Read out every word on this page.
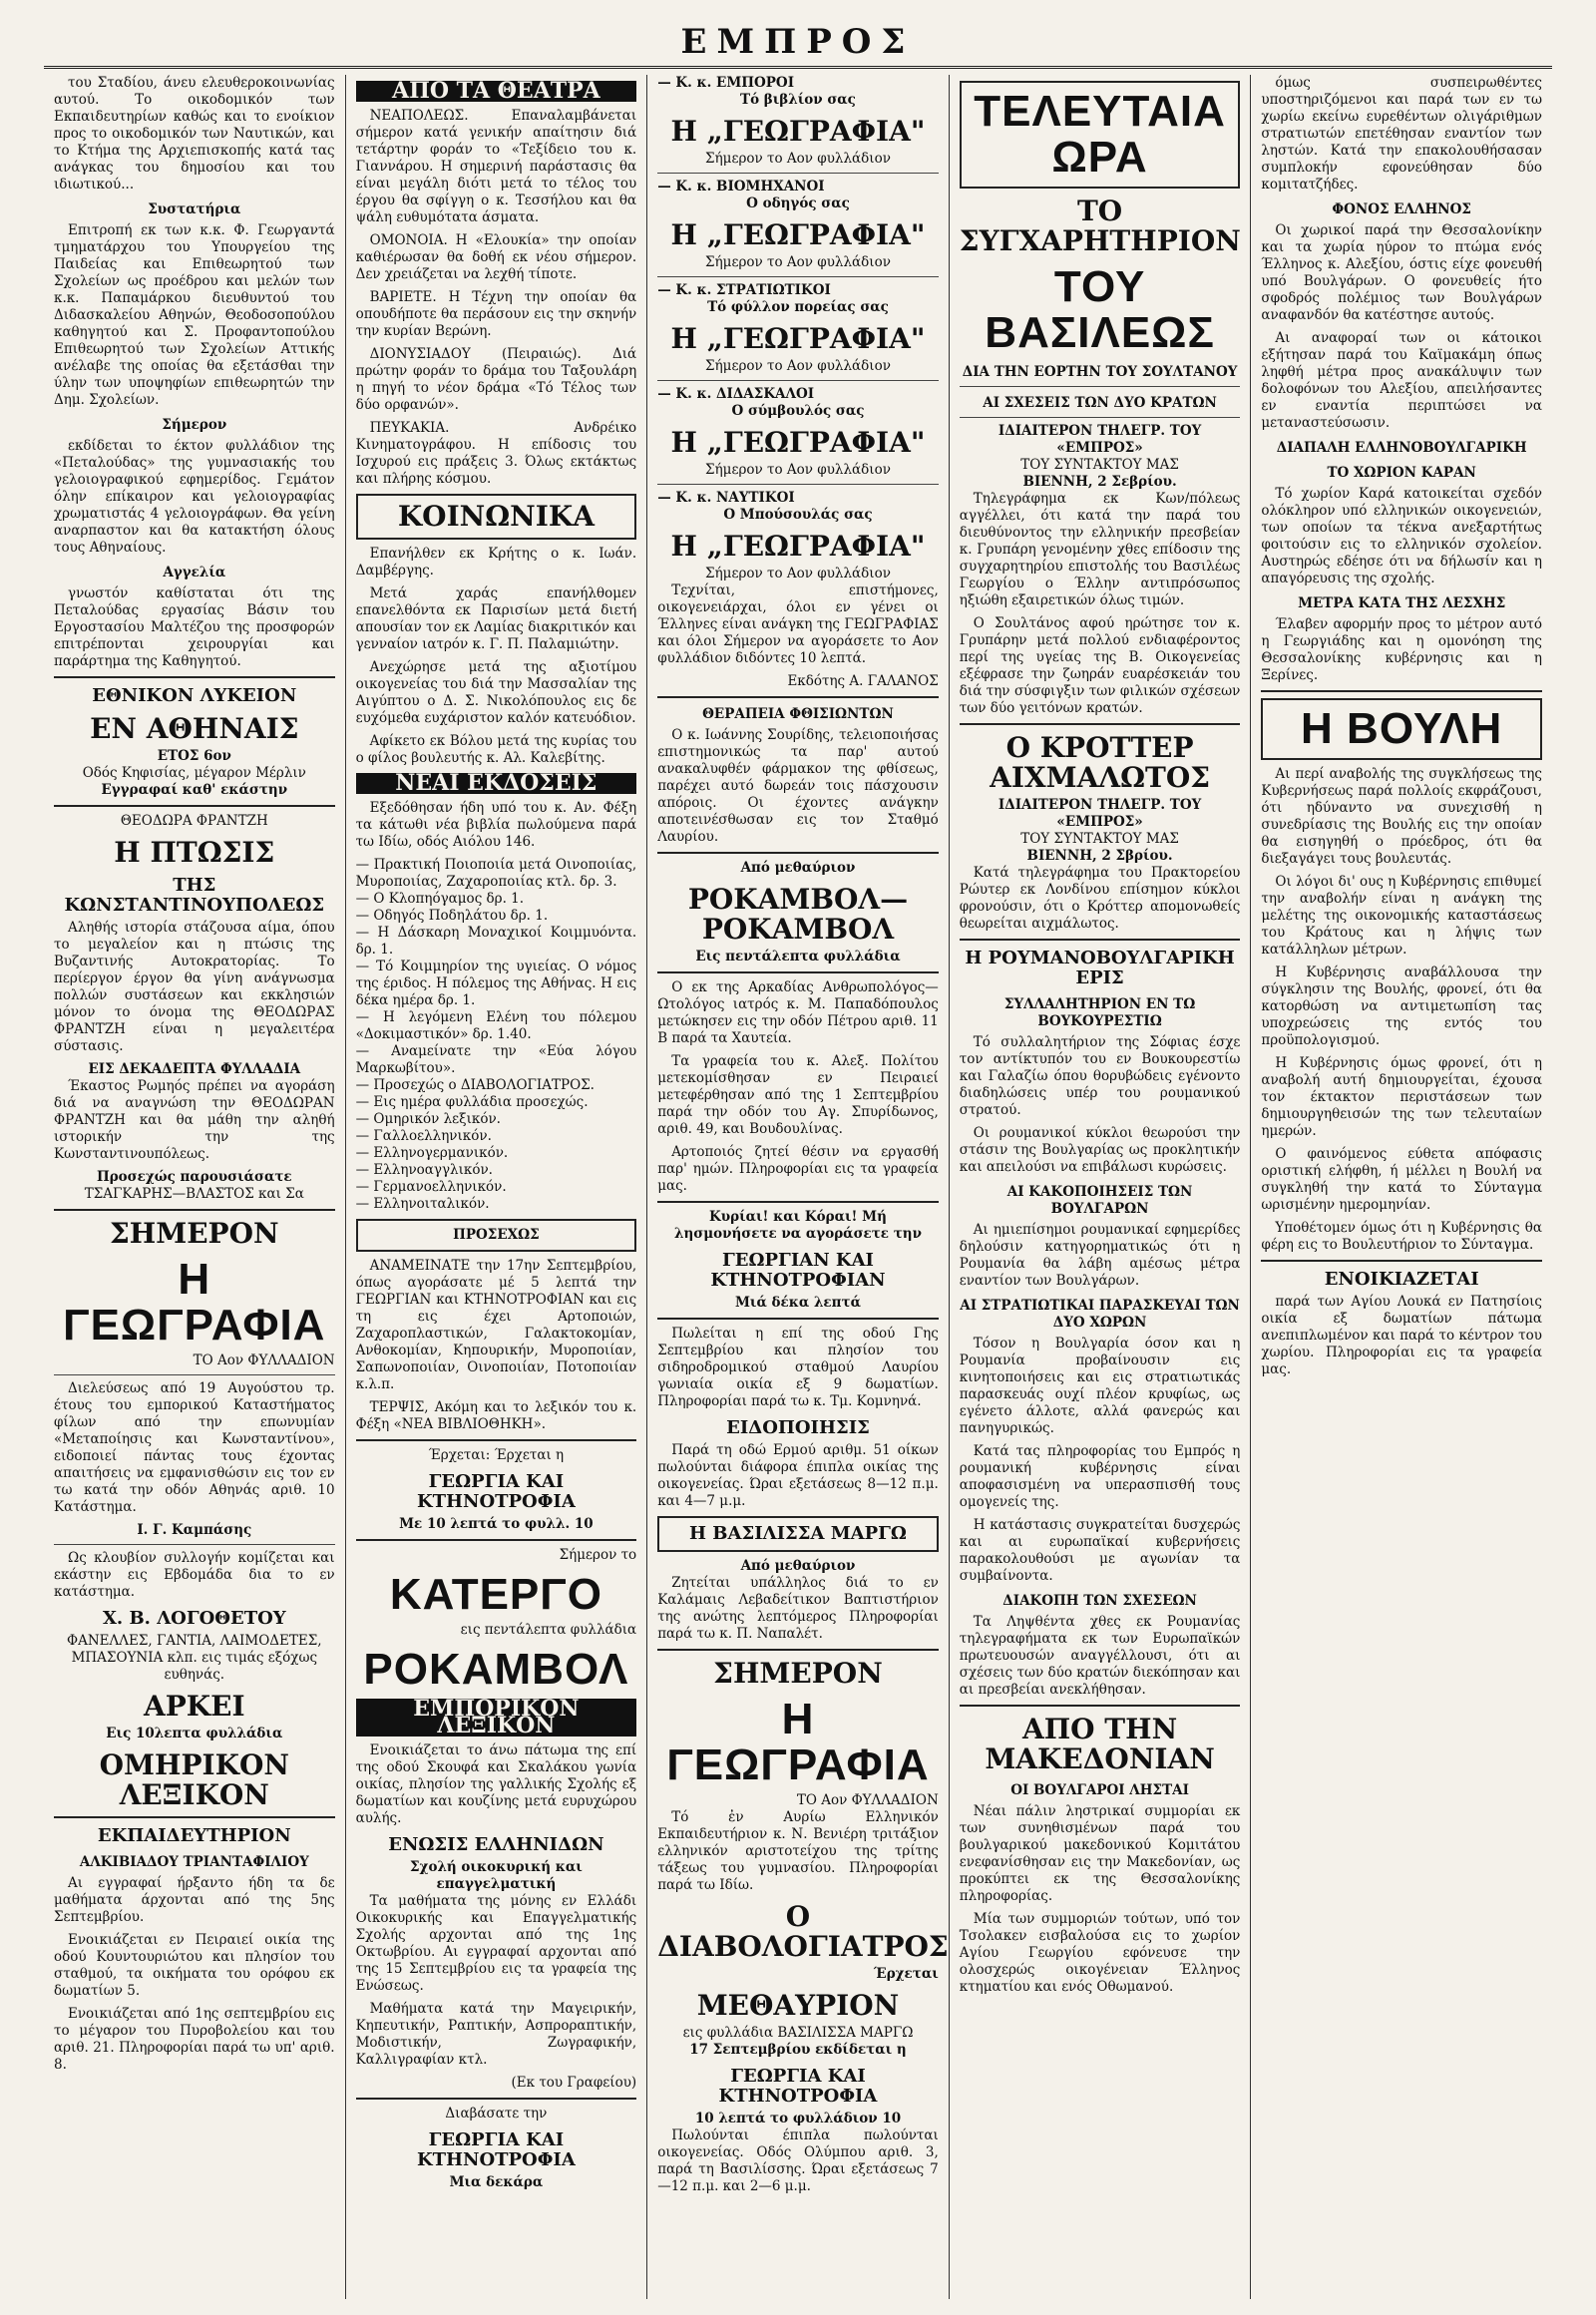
ΕΜΠΡΟΣ

του Σταδίου, άνευ ελευθεροκοινωνίας αυτού. Το οικοδομικόν των Εκπαιδευτηρίων καθώς και το ενοίκιον προς το οικοδομικόν των Ναυτικών, και το Κτήμα της Αρχιεπισκοπής κατά τας ανάγκας του δημοσίου και του ιδιωτικού...

Συστατήρια

Επιτροπή εκ των κ.κ. Φ. Γεωργαντά τμηματάρχου του Υπουργείου της Παιδείας και Επιθεωρητού των Σχολείων ως προέδρου και μελών των κ.κ. Παπαμάρκου διευθυντού του Διδασκαλείου Αθηνών, Θεοδοσοπούλου καθηγητού και Σ. Προφαντοπούλου Επιθεωρητού των Σχολείων Αττικής ανέλαβε της οποίας θα εξετάσθαι την ύλην των υποψηφίων επιθεωρητών την Δημ. Σχολείων.

Σήμερον

εκδίδεται το έκτον φυλλάδιον της «Πεταλούδας» της γυμνασιακής του γελοιογραφικού εφημερίδος. Γεμάτον όλην επίκαιρον και γελοιογραφίας χρωματιστάς 4 γελοιογράφων. Θα γείνη αναρπαστον και θα κατακτήση όλους τους Αθηναίους.

Αγγελία

γνωστόν καθίσταται ότι της Πεταλούδας εργασίας Βάσιν του Εργοστασίου Μαλτέζου της προσφορών επιτρέπονται χειρουργίαι και παράρτημα της Καθηγητού.

ΕΘΝΙΚΟΝ ΛΥΚΕΙΟΝ
ΕΝ ΑΘΗΝΑΙΣ
ΕΤΟΣ 6ον
Οδός Κηφισίας, μέγαρον Μέρλιν
Εγγραφαί καθ' εκάστην
ΘΕΟΔΩΡΑ ΦΡΑΝΤΖΗ
Η ΠΤΩΣΙΣ
ΤΗΣ ΚΩΝΣΤΑΝΤΙΝΟΥΠΟΛΕΩΣ

Αληθής ιστορία στάζουσα αίμα, όπου το μεγαλείον και η πτώσις της Βυζαντινής Αυτοκρατορίας. Το περίεργον έργον θα γίνη ανάγνωσμα πολλών συστάσεων και εκκλησιών μόνον το όνομα της ΘΕΟΔΩΡΑΣ ΦΡΑΝΤΖΗ είναι η μεγαλειτέρα σύστασις.

ΕΙΣ ΔΕΚΑΔΕΠΤΑ ΦΥΛΛΑΔΙΑ

Έκαστος Ρωμηός πρέπει να αγοράση διά να αναγνώση την ΘΕΟΔΩΡΑΝ ΦΡΑΝΤΖΗ και θα μάθη την αληθή ιστορικήν την της Κωνσταντινουπόλεως.

Προσεχώς παρουσιάσατε
ΤΣΑΓΚΑΡΗΣ—ΒΛΑΣΤΟΣ και Σα
ΣΗΜΕΡΟΝ
Η ΓΕΩΓΡΑΦΙΑ
ΤΟ Αον ΦΥΛΛΑΔΙΟΝ

Διελεύσεως από 19 Αυγούστου τρ. έτους του εμπορικού Καταστήματος φίλων από την επωνυμίαν «Μεταποίησις και Κωνσταντίνου», ειδοποιεί πάντας τους έχοντας απαιτήσεις να εμφανισθώσιν εις τον εν τω κατά την οδόν Αθηνάς αριθ. 10 Κατάστημα.

Ι. Γ. Καμπάσης

Ως κλουβίον συλλογήν κομίζεται και εκάστην εις Εβδομάδα δια το εν κατάστημα.

Χ. Β. ΛΟΓΟΘΕΤΟΥ

ΦΑΝΕΛΛΕΣ, ΓΑΝΤΙΑ, ΛΑΙΜΟΔΕΤΕΣ, ΜΠΑΣΟΥΝΙΑ κλπ. εις τιμάς εξόχως ευθηνάς.

ΑΡΚΕΙ
Εις 10λεπτα φυλλάδια
ΟΜΗΡΙΚΟΝ ΛΕΞΙΚΟΝ
ΕΚΠΑΙΔΕΥΤΗΡΙΟΝ
ΑΛΚΙΒΙΑΔΟΥ ΤΡΙΑΝΤΑΦΙΛΙΟΥ

Αι εγγραφαί ήρξαντο ήδη τα δε μαθήματα άρχονται από της 5ης Σεπτεμβρίου.

Ενοικιάζεται εν Πειραιεί οικία της οδού Κουντουριώτου και πλησίον του σταθμού, τα οικήματα του ορόφου εκ δωματίων 5.

Ενοικιάζεται από 1ης σεπτεμβρίου εις το μέγαρον του Πυροβολείου και του αριθ. 21. Πληροφορίαι παρά τω υπ' αριθ. 8.

ΑΠΟ ΤΑ ΘΕΑΤΡΑ

ΝΕΑΠΟΛΕΩΣ. Επαναλαμβάνεται σήμερον κατά γενικήν απαίτησιν διά τετάρτην φοράν το «Τεξίδειο του κ. Γιαννάρου. Η σημερινή παράστασις θα είναι μεγάλη διότι μετά το τέλος του έργου θα σφίγγη ο κ. Τεσσήλου και θα ψάλη ευθυμότατα άσματα.

ΟΜΟΝΟΙΑ. Η «Ελουκία» την οποίαν καθιέρωσαν θα δοθή εκ νέου σήμερον. Δεν χρειάζεται να λεχθή τίποτε.

ΒΑΡΙΕΤΕ. Η Τέχνη την οποίαν θα οπουδήποτε θα περάσουν εις την σκηνήν την κυρίαν Βερώνη.

ΔΙΟΝΥΣΙΑΔΟΥ (Πειραιώς). Διά πρώτην φοράν το δράμα του Ταξουλάρη η πηγή το νέον δράμα «Τό Τέλος των δύο ορφανών».

ΠΕΥΚΑΚΙΑ. Ανδρέικο Κινηματογράφου. Η επίδοσις του Ισχυρού εις πράξεις 3. Όλως εκτάκτως και πλήρης κόσμου.

ΚΟΙΝΩΝΙΚΑ

Επανήλθεν εκ Κρήτης ο κ. Ιωάν. Δαμβέργης.

Μετά χαράς επανήλθομεν επανελθόντα εκ Παρισίων μετά διετή απουσίαν τον εκ Λαμίας διακριτικόν και γενναίον ιατρόν κ. Γ. Π. Παλαμιώτην.

Ανεχώρησε μετά της αξιοτίμου οικογενείας του διά την Μασσαλίαν της Αιγύπτου ο Δ. Σ. Νικολόπουλος εις δε ευχόμεθα ευχάριστον καλόν κατευόδιον.

Αφίκετο εκ Βόλου μετά της κυρίας του ο φίλος βουλευτής κ. Αλ. Καλεβίτης.

ΝΕΑΙ ΕΚΔΟΣΕΙΣ

Εξεδόθησαν ήδη υπό του κ. Αν. Φέξη τα κάτωθι νέα βιβλία πωλούμενα παρά τω Ιδίω, οδός Αιόλου 146.

— Πρακτική Ποιοποιία μετά Οινοποιίας, Μυροποιίας, Ζαχαροποιίας κτλ. δρ. 3.
— Ο Κλοπηόγαμος δρ. 1.
— Οδηγός Ποδηλάτου δρ. 1.
— Η Δάσκαρη Μοναχικοί Κοιμμυόντα. δρ. 1.
— Τό Κοιμμηρίον της υγιείας. Ο νόμος της έριδος. Η πόλεμος της Αθήνας. Η εις δέκα ημέρα δρ. 1.
— Η λεγόμενη Ελένη του πόλεμου «Δοκιμαστικόν» δρ. 1.40.
— Αναμείνατε την «Εύα λόγου Μαρκωβίτου».
— Προσεχώς ο ΔΙΑΒΟΛΟΓΙΑΤΡΟΣ.
— Εις ημέρα φυλλάδια προσεχώς.
— Ομηρικόν λεξικόν.
— Γαλλοελληνικόν.
— Ελληνογερμανικόν.
— Ελληνοαγγλικόν.
— Γερμανοελληνικόν.
— Ελληνοιταλικόν.
ΠΡΟΣΕΧΩΣ

ΑΝΑΜΕΙΝΑΤΕ την 17ην Σεπτεμβρίου, όπως αγοράσατε μέ 5 λεπτά την ΓΕΩΡΓΙΑΝ και ΚΤΗΝΟΤΡΟΦΙΑΝ και εις τη εις έχει Αρτοποιών, Ζαχαροπλαστικών, Γαλακτοκομίαν, Ανθοκομίαν, Κηπουρικήν, Μυροποιίαν, Σαπωνοποιίαν, Οινοποιίαν, Ποτοποιίαν κ.λ.π.

ΤΕΡΨΙΣ, Ακόμη και το λεξικόν του κ. Φέξη «ΝΕΑ ΒΙΒΛΙΟΘΗΚΗ».

Έρχεται: Έρχεται η
ΓΕΩΡΓΙΑ ΚΑΙ ΚΤΗΝΟΤΡΟΦΙΑ
Με 10 λεπτά το φυλλ. 10
Σήμερον το
ΚΑΤΕΡΓΟ
εις πεντάλεπτα φυλλάδια
ΡΟΚΑΜΒΟΛ
ΕΜΠΟΡΙΚΟΝ ΛΕΞΙΚΟΝ

Ενοικιάζεται το άνω πάτωμα της επί της οδού Σκουφά και Σκαλάκου γωνία οικίας, πλησίον της γαλλικής Σχολής εξ δωματίων και κουζίνης μετά ευρυχώρου αυλής.

ΕΝΩΣΙΣ ΕΛΛΗΝΙΔΩΝ
Σχολή οικοκυρική και επαγγελματική

Τα μαθήματα της μόνης εν Ελλάδι Οικοκυρικής και Επαγγελματικής Σχολής αρχονται από της 1ης Οκτωβρίου. Αι εγγραφαί αρχονται από της 15 Σεπτεμβρίου εις τα γραφεία της Ενώσεως.

Μαθήματα κατά την Μαγειρικήν, Κηπευτικήν, Ραπτικήν, Ασπροραπτικήν, Μοδιστικήν, Ζωγραφικήν, Καλλιγραφίαν κτλ.

(Εκ του Γραφείου)
Διαβάσατε την
ΓΕΩΡΓΙΑ ΚΑΙ ΚΤΗΝΟΤΡΟΦΙΑ
Μια δεκάρα
— Κ. κ. ΕΜΠΟΡΟΙ
Τό βιβλίον σας
Η „ΓΕΩΓΡΑΦΙΑ"
Σήμερον το Αον φυλλάδιον
— Κ. κ. ΒΙΟΜΗΧΑΝΟΙ
Ο οδηγός σας
Η „ΓΕΩΓΡΑΦΙΑ"
Σήμερον το Αον φυλλάδιον
— Κ. κ. ΣΤΡΑΤΙΩΤΙΚΟΙ
Τό φύλλον πορείας σας
Η „ΓΕΩΓΡΑΦΙΑ"
Σήμερον το Αον φυλλάδιον
— Κ. κ. ΔΙΔΑΣΚΑΛΟΙ
Ο σύμβουλός σας
Η „ΓΕΩΓΡΑΦΙΑ"
Σήμερον το Αον φυλλάδιον
— Κ. κ. ΝΑΥΤΙΚΟΙ
Ο Μπούσουλάς σας
Η „ΓΕΩΓΡΑΦΙΑ"
Σήμερον το Αον φυλλάδιον

Τεχνίται, επιστήμονες, οικογενειάρχαι, όλοι εν γένει οι Έλληνες είναι ανάγκη της ΓΕΩΓΡΑΦΙΑΣ και όλοι Σήμερον να αγοράσετε το Αον φυλλάδιον διδόντες 10 λεπτά.

Εκδότης Α. ΓΑΛΑΝΟΣ
ΘΕΡΑΠΕΙΑ ΦΘΙΣΙΩΝΤΩΝ

Ο κ. Ιωάννης Σουρίδης, τελειοποιήσας επιστημονικώς τα παρ' αυτού ανακαλυφθέν φάρμακον της φθίσεως, παρέχει αυτό δωρεάν τοις πάσχουσιν απόροις. Οι έχοντες ανάγκην αποτεινέσθωσαν εις τον Σταθμό Λαυρίου.

Από μεθαύριον
ΡΟΚΑΜΒΟΛ—ΡΟΚΑΜΒΟΛ
Εις πεντάλεπτα φυλλάδια

Ο εκ της Αρκαδίας Ανθρωπολόγος—Ωτολόγος ιατρός κ. Μ. Παπαδόπουλος μετώκησεν εις την οδόν Πέτρου αριθ. 11 Β παρά τα Χαυτεία.

Τα γραφεία του κ. Αλεξ. Πολίτου μετεκομίσθησαν εν Πειραιεί μετεφέρθησαν από της 1 Σεπτεμβρίου παρά την οδόν του Αγ. Σπυρίδωνος, αριθ. 49, και Βουδουλίνας.

Αρτοποιός ζητεί θέσιν να εργασθή παρ' ημών. Πληροφορίαι εις τα γραφεία μας.

Κυρίαι! και Κόραι! Μή λησμονήσετε να αγοράσετε την
ΓΕΩΡΓΙΑΝ ΚΑΙ ΚΤΗΝΟΤΡΟΦΙΑΝ
Μιά δέκα λεπτά

Πωλείται η επί της οδού Γης Σεπτεμβρίου και πλησίον του σιδηροδρομικού σταθμού Λαυρίου γωνιαία οικία εξ 9 δωματίων. Πληροφορίαι παρά τω κ. Τμ. Κομνηνά.

ΕΙΔΟΠΟΙΗΣΙΣ

Παρά τη οδώ Ερμού αριθμ. 51 οίκων πωλούνται διάφορα έπιπλα οικίας της οικογενείας. Ώραι εξετάσεως 8—12 π.μ. και 4—7 μ.μ.

Η ΒΑΣΙΛΙΣΣΑ ΜΑΡΓΩ
Από μεθαύριον

Ζητείται υπάλληλος διά το εν Καλάμαις Λεβαδείτικον Βαπτιστήριον της ανώτης λεπτόμερος Πληροφορίαι παρά τω κ. Π. Ναπαλέτ.

ΣΗΜΕΡΟΝ
Η ΓΕΩΓΡΑΦΙΑ
ΤΟ Αον ΦΥΛΛΑΔΙΟΝ

Τό ἐν Αυρίω Ελληνικόν Εκπαιδευτήριον κ. Ν. Βενιέρη τριτάξιον ελληνικόν αριστοτείχου της τρίτης τάξεως του γυμνασίου. Πληροφορίαι παρά τω Ιδίω.

Ο ΔΙΑΒΟΛΟΓΙΑΤΡΟΣ
Έρχεται
ΜΕΘΑΥΡΙΟΝ
εις φυλλάδια ΒΑΣΙΛΙΣΣΑ ΜΑΡΓΩ
17 Σεπτεμβρίου εκδίδεται η
ΓΕΩΡΓΙΑ ΚΑΙ ΚΤΗΝΟΤΡΟΦΙΑ
10 λεπτά το φυλλάδιον 10

Πωλούνται έπιπλα πωλούνται οικογενείας. Οδός Ολύμπου αριθ. 3, παρά τη Βασιλίσσης. Ώραι εξετάσεως 7—12 π.μ. και 2—6 μ.μ.

ΤΕΛΕΥΤΑΙΑ ΩΡΑ
ΤΟ ΣΥΓΧΑΡΗΤΗΡΙΟΝ
ΤΟΥ ΒΑΣΙΛΕΩΣ
ΔΙΑ ΤΗΝ ΕΟΡΤΗΝ ΤΟΥ ΣΟΥΛΤΑΝΟΥ
ΑΙ ΣΧΕΣΕΙΣ ΤΩΝ ΔΥΟ ΚΡΑΤΩΝ
ΙΔΙΑΙΤΕΡΟΝ ΤΗΛΕΓΡ. ΤΟΥ «ΕΜΠΡΟΣ»
ΤΟΥ ΣΥΝΤΑΚΤΟΥ ΜΑΣ
ΒΙΕΝΝΗ, 2 Σεβρίου.

Τηλεγράφημα εκ Κων/πόλεως αγγέλλει, ότι κατά την παρά του διευθύνοντος την ελληνικήν πρεσβείαν κ. Γρυπάρη γενομένην χθες επίδοσιν της συγχαρητηρίου επιστολής του Βασιλέως Γεωργίου ο Έλλην αντιπρόσωπος ηξιώθη εξαιρετικών όλως τιμών.

Ο Σουλτάνος αφού ηρώτησε τον κ. Γρυπάρην μετά πολλού ενδιαφέροντος περί της υγείας της Β. Οικογενείας εξέφρασε την ζωηράν ευαρέσκειάν του διά την σύσφιγξιν των φιλικών σχέσεων των δύο γειτόνων κρατών.

Ο ΚΡΟΤΤΕΡ ΑΙΧΜΑΛΩΤΟΣ
ΙΔΙΑΙΤΕΡΟΝ ΤΗΛΕΓΡ. ΤΟΥ «ΕΜΠΡΟΣ»
ΤΟΥ ΣΥΝΤΑΚΤΟΥ ΜΑΣ
ΒΙΕΝΝΗ, 2 Σβρίου.

Κατά τηλεγράφημα του Πρακτορείου Ρώυτερ εκ Λονδίνου επίσημον κύκλοι φρονούσιν, ότι ο Κρόττερ απομονωθείς θεωρείται αιχμάλωτος.

Η ΡΟΥΜΑΝΟΒΟΥΛΓΑΡΙΚΗ ΕΡΙΣ
ΣΥΛΛΑΛΗΤΗΡΙΟΝ ΕΝ ΤΩ ΒΟΥΚΟΥΡΕΣΤΙΩ

Τό συλλαλητήριον της Σόφιας έσχε τον αντίκτυπόν του εν Βουκουρεστίω και Γαλαζίω όπου θορυβώδεις εγένοντο διαδηλώσεις υπέρ του ρουμανικού στρατού.

Οι ρουμανικοί κύκλοι θεωρούσι την στάσιν της Βουλγαρίας ως προκλητικήν και απειλούσι να επιβάλωσι κυρώσεις.

ΑΙ ΚΑΚΟΠΟΙΗΣΕΙΣ ΤΩΝ ΒΟΥΛΓΑΡΩΝ

Αι ημιεπίσημοι ρουμανικαί εφημερίδες δηλούσιν κατηγορηματικώς ότι η Ρουμανία θα λάβη αμέσως μέτρα εναντίον των Βουλγάρων.

ΑΙ ΣΤΡΑΤΙΩΤΙΚΑΙ ΠΑΡΑΣΚΕΥΑΙ ΤΩΝ ΔΥΟ ΧΩΡΩΝ

Τόσον η Βουλγαρία όσον και η Ρουμανία προβαίνουσιν εις κινητοποιήσεις και εις στρατιωτικάς παρασκευάς ουχί πλέον κρυφίως, ως εγένετο άλλοτε, αλλά φανερώς και πανηγυρικώς.

Κατά τας πληροφορίας του Εμπρός η ρουμανική κυβέρνησις είναι αποφασισμένη να υπερασπισθή τους ομογενείς της.

Η κατάστασις συγκρατείται δυσχερώς και αι ευρωπαϊκαί κυβερνήσεις παρακολουθούσι με αγωνίαν τα συμβαίνοντα.

ΔΙΑΚΟΠΗ ΤΩΝ ΣΧΕΣΕΩΝ

Τα Ληψθέντα χθες εκ Ρουμανίας τηλεγραφήματα εκ των Ευρωπαϊκών πρωτευουσών αναγγέλλουσι, ότι αι σχέσεις των δύο κρατών διεκόπησαν και αι πρεσβείαι ανεκλήθησαν.

ΑΠΟ ΤΗΝ ΜΑΚΕΔΟΝΙΑΝ
ΟΙ ΒΟΥΛΓΑΡΟΙ ΛΗΣΤΑΙ

Νέαι πάλιν ληστρικαί συμμορίαι εκ των συνηθισμένων παρά του βουλγαρικού μακεδονικού Κομιτάτου ενεφανίσθησαν εις την Μακεδονίαν, ως προκύπτει εκ της Θεσσαλονίκης πληροφορίας.

Μία των συμμοριών τούτων, υπό τον Τσολακεν εισβαλούσα εις το χωρίον Αγίου Γεωργίου εφόνευσε την ολοσχερώς οικογένειαν Έλληνος κτηματίου και ενός Οθωμανού.

όμως συσπειρωθέντες υποστηριζόμενοι και παρά των εν τω χωρίω εκείνω ευρεθέντων ολιγάριθμων στρατιωτών επετέθησαν εναντίον των ληστών. Κατά την επακολουθήσασαν συμπλοκήν εφονεύθησαν δύο κομιτατζήδες.

ΦΟΝΟΣ ΕΛΛΗΝΟΣ

Οι χωρικοί παρά την Θεσσαλονίκην και τα χωρία ηύρον το πτώμα ενός Έλληνος κ. Αλεξίου, όστις είχε φονευθή υπό Βουλγάρων. Ο φονευθείς ήτο σφοδρός πολέμιος των Βουλγάρων αναφανδόν θα κατέστησε αυτούς.

Αι αναφοραί των οι κάτοικοι εξήτησαν παρά του Καϊμακάμη όπως ληφθή μέτρα προς ανακάλυψιν των δολοφόνων του Αλεξίου, απειλήσαντες εν εναντία περιπτώσει να μεταναστεύσωσιν.

ΔΙΑΠΑΛΗ ΕΛΛΗΝΟΒΟΥΛΓΑΡΙΚΗ
ΤΟ ΧΩΡΙΟΝ ΚΑΡΑΝ

Τό χωρίον Καρά κατοικείται σχεδόν ολόκληρον υπό ελληνικών οικογενειών, των οποίων τα τέκνα ανεξαρτήτως φοιτούσιν εις το ελληνικόν σχολείον. Αυστηρώς εδέησε ότι να δήλωσίν και η απαγόρευσις της σχολής.

ΜΕΤΡΑ ΚΑΤΑ ΤΗΣ ΛΕΣΧΗΣ

Έλαβεν αφορμήν προς το μέτρον αυτό η Γεωργιάδης και η ομονόηση της Θεσσαλονίκης κυβέρνησις και η Ξερίνες.

Η ΒΟΥΛΗ

Αι περί αναβολής της συγκλήσεως της Κυβερνήσεως παρά πολλοίς εκφράζουσι, ότι ηδύναντο να συνεχισθή η συνεδρίασις της Βουλής εις την οποίαν θα εισηγηθή ο πρόεδρος, ότι θα διεξαγάγει τους βουλευτάς.

Οι λόγοι δι' ους η Κυβέρνησις επιθυμεί την αναβολήν είναι η ανάγκη της μελέτης της οικονομικής καταστάσεως του Κράτους και η λήψις των κατάλληλων μέτρων.

Η Κυβέρνησις αναβάλλουσα την σύγκλησιν της Βουλής, φρονεί, ότι θα κατορθώση να αντιμετωπίση τας υποχρεώσεις της εντός του προϋπολογισμού.

Η Κυβέρνησις όμως φρονεί, ότι η αναβολή αυτή δημιουργείται, έχουσα τον έκτακτον περιστάσεων των δημιουργηθεισών της των τελευταίων ημερών.

Ο φαινόμενος εύθετα απόφασις οριστική ελήφθη, ή μέλλει η Βουλή να συγκληθή την κατά το Σύνταγμα ωρισμένην ημερομηνίαν.

Υποθέτομεν όμως ότι η Κυβέρνησις θα φέρη εις το Βουλευτήριον το Σύνταγμα.

ΕΝΟΙΚΙΑΖΕΤΑΙ

παρά των Αγίου Λουκά εν Πατησίοις οικία εξ δωματίων πάτωμα ανεπιπλωμένον και παρά το κέντρον του χωρίου. Πληροφορίαι εις τα γραφεία μας.
